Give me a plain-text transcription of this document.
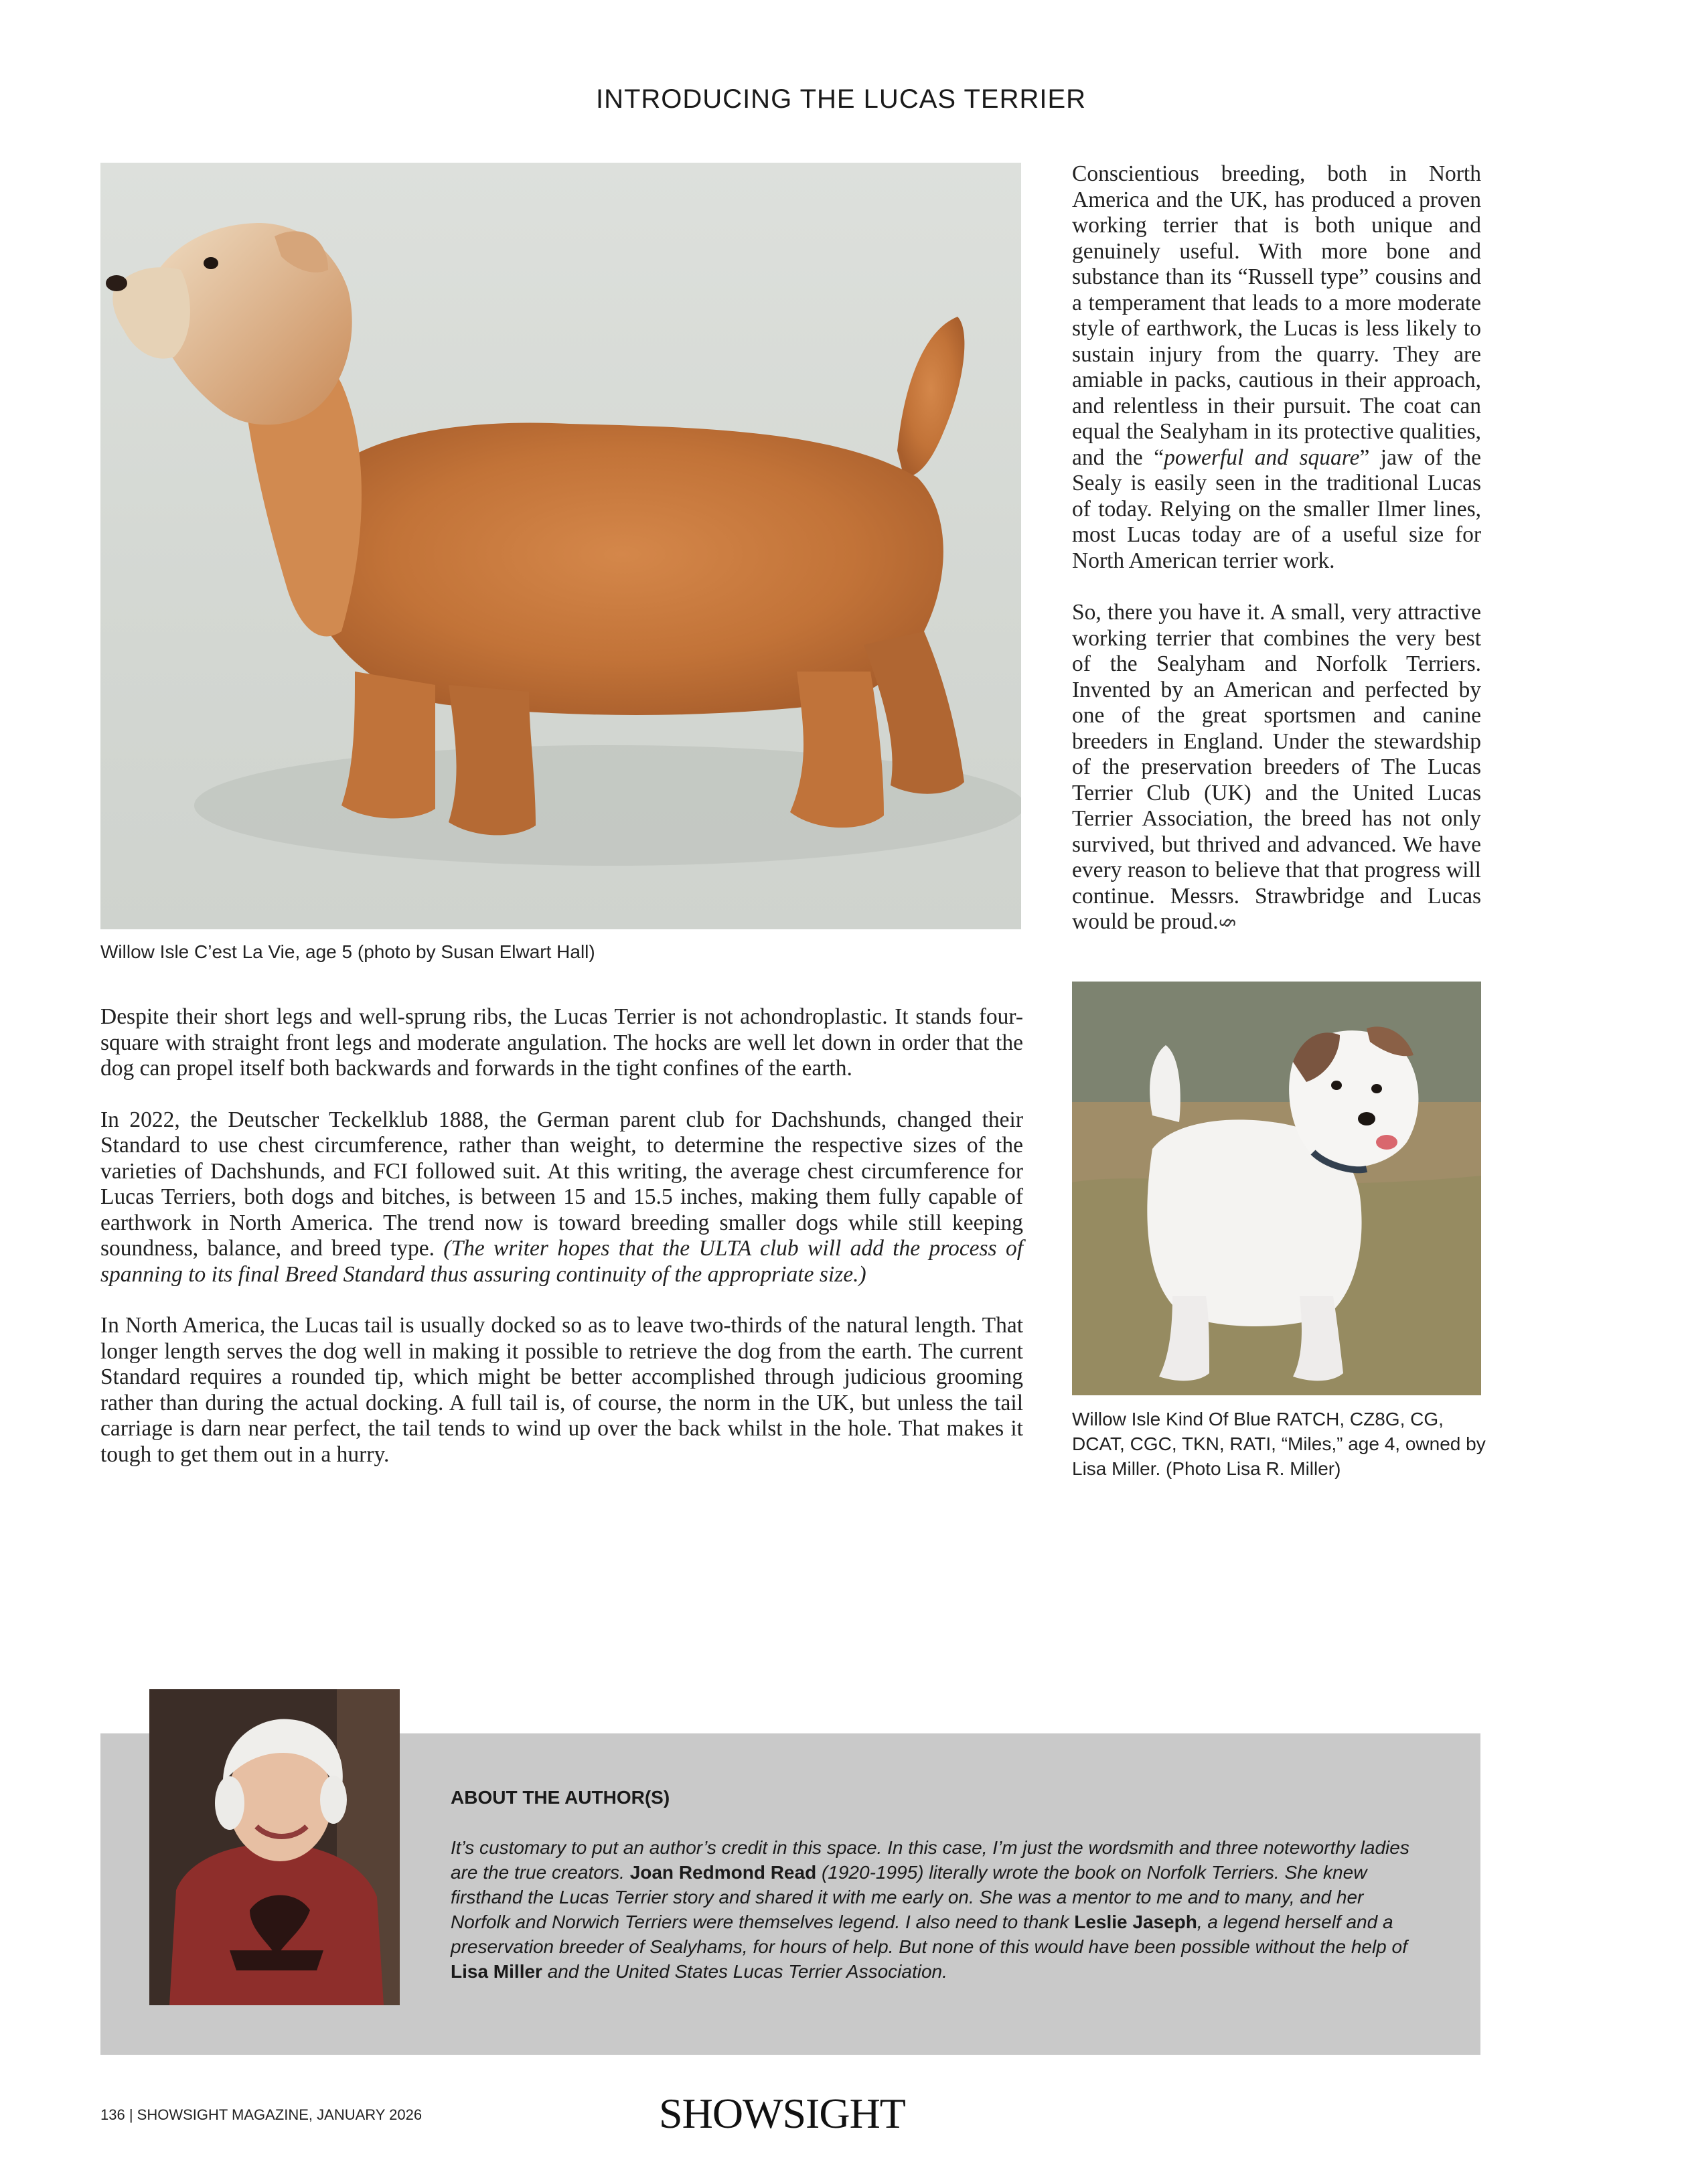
INTRODUCING THE LUCAS TERRIER
Willow Isle C’est La Vie, age 5 (photo by Susan Elwart Hall)

Conscientious breeding, both in North America and the UK, has produced a proven working terrier that is both unique and genuinely useful. With more bone and substance than its “Russell type” cousins and a temperament that leads to a more moderate style of earthwork, the Lucas is less likely to sustain injury from the quarry. They are amiable in packs, cautious in their approach, and relentless in their pursuit. The coat can equal the Sealyham in its protective qualities, and the “powerful and square” jaw of the Sealy is easily seen in the traditional Lucas of today. Relying on the smaller Ilmer lines, most Lucas today are of a useful size for North American terrier work.

So, there you have it. A small, very attractive working terrier that combines the very best of the Sealyham and Norfolk Terriers. Invented by an American and perfected by one of the great sportsmen and canine breeders in England. Under the stewardship of the preservation breeders of The Lucas Terrier Club (UK) and the United Lucas Terrier Association, the breed has not only survived, but thrived and advanced. We have every reason to believe that that progress will continue. Messrs. Strawbridge and Lucas would be proud.§

Willow Isle Kind Of Blue RATCH, CZ8G, CG, DCAT, CGC, TKN, RATI, “Miles,” age 4, owned by Lisa Miller. (Photo Lisa R. Miller)

Despite their short legs and well-sprung ribs, the Lucas Terrier is not achondroplastic. It stands four-square with straight front legs and moderate angulation. The hocks are well let down in order that the dog can propel itself both backwards and forwards in the tight confines of the earth.

In 2022, the Deutscher Teckelklub 1888, the German parent club for Dachshunds, changed their Standard to use chest circumference, rather than weight, to determine the respective sizes of the varieties of Dachshunds, and FCI followed suit. At this writing, the average chest circumference for Lucas Terriers, both dogs and bitches, is between 15 and 15.5 inches, making them fully capable of earthwork in North America. The trend now is toward breeding smaller dogs while still keeping soundness, balance, and breed type. (The writer hopes that the ULTA club will add the process of spanning to its final Breed Standard thus assuring continuity of the appropriate size.)

In North America, the Lucas tail is usually docked so as to leave two-thirds of the natural length. That longer length serves the dog well in making it possible to retrieve the dog from the earth. The current Standard requires a rounded tip, which might be better accomplished through judicious grooming rather than during the actual docking. A full tail is, of course, the norm in the UK, but unless the tail carriage is darn near perfect, the tail tends to wind up over the back whilst in the hole. That makes it tough to get them out in a hurry.

ABOUT THE AUTHOR(S)

It’s customary to put an author’s credit in this space. In this case, I’m just the wordsmith and three noteworthy ladies are the true creators. Joan Redmond Read (1920-1995) literally wrote the book on Norfolk Terriers. She knew firsthand the Lucas Terrier story and shared it with me early on. She was a mentor to me and to many, and her Norfolk and Norwich Terriers were themselves legend. I also need to thank Leslie Jaseph, a legend herself and a preservation breeder of Sealyhams, for hours of help. But none of this would have been possible without the help of Lisa Miller and the United States Lucas Terrier Association.

136 | SHOWSIGHT MAGAZINE, JANUARY 2026	SHOWSIGHT
